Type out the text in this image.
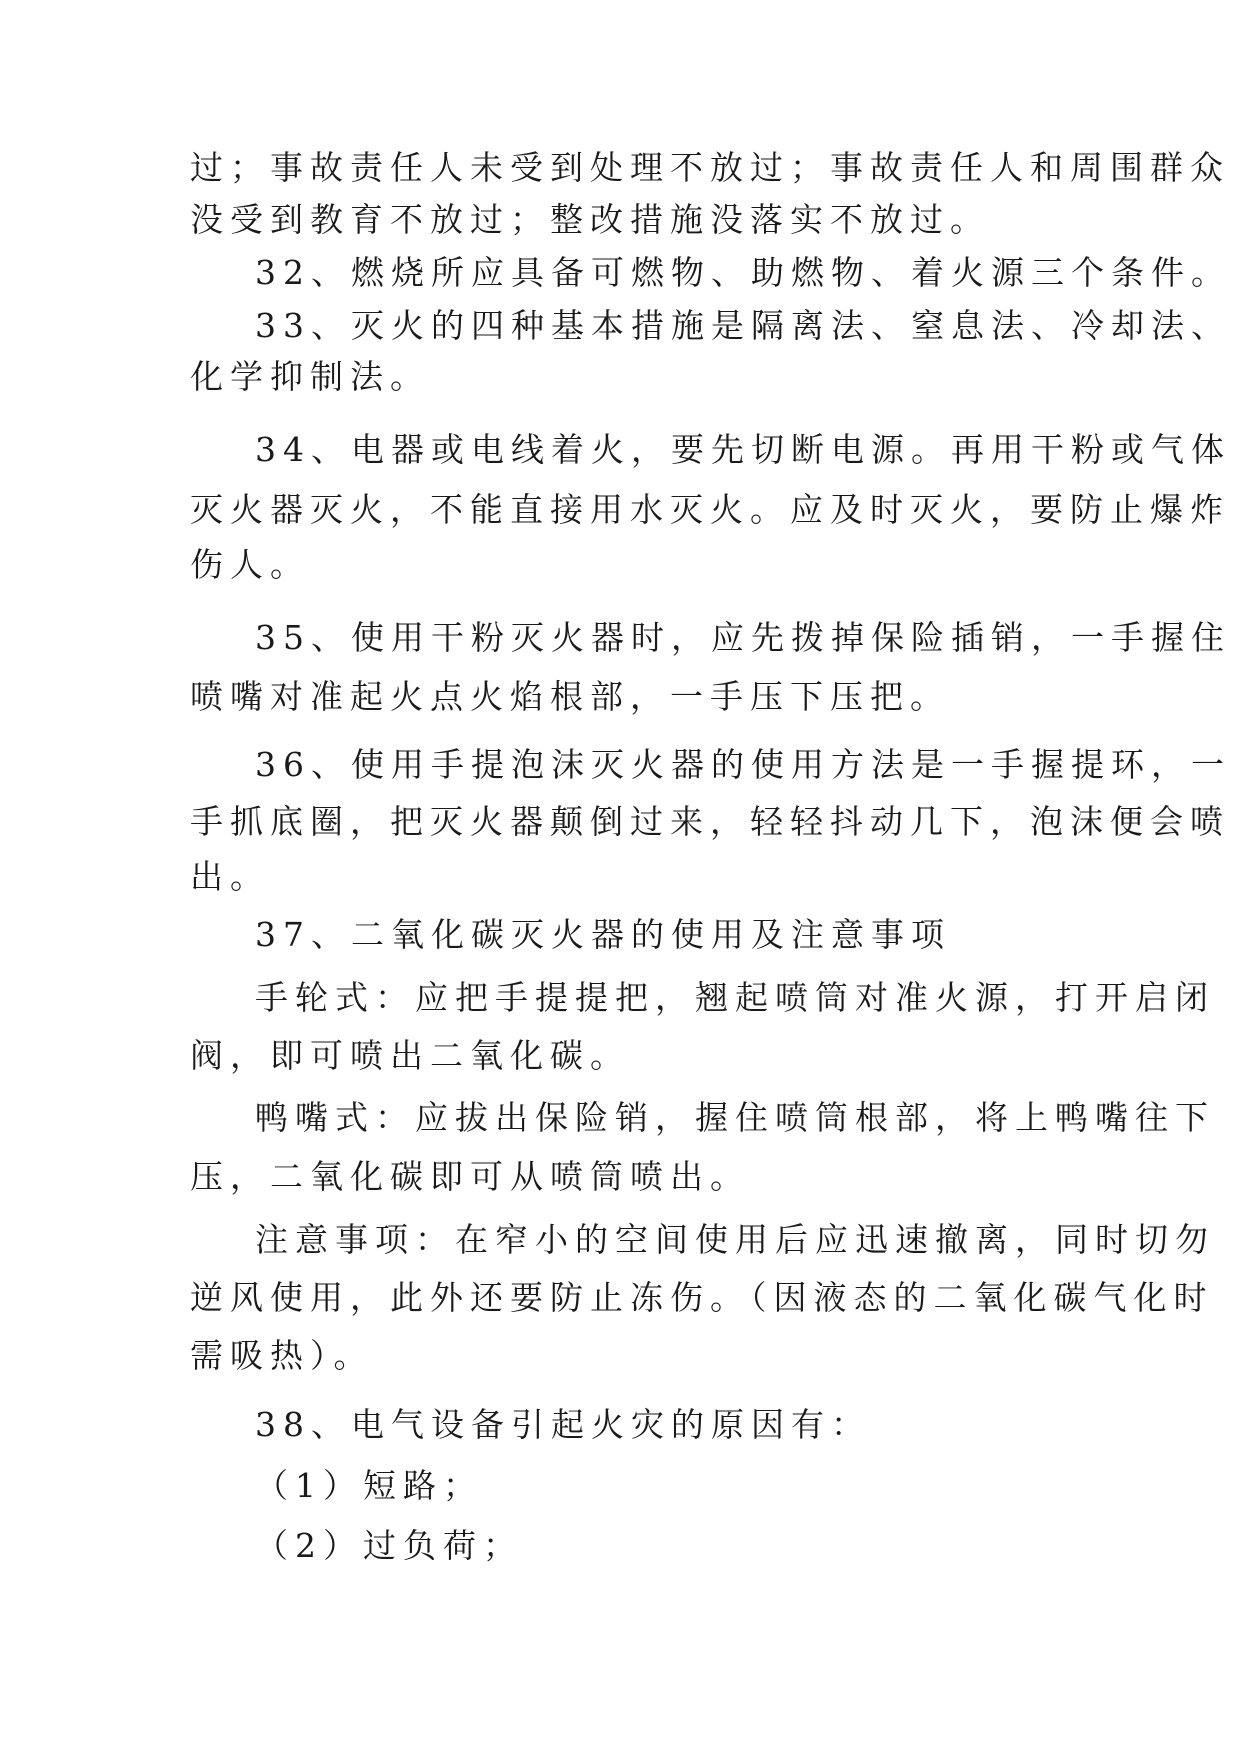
过；事故责任人未受到处理不放过；事故责任人和周围群众
没受到教育不放过；整改措施没落实不放过。
32、燃烧所应具备可燃物、助燃物、着火源三个条件。
33、灭火的四种基本措施是隔离法、窒息法、冷却法、
化学抑制法。
34、电器或电线着火，要先切断电源。再用干粉或气体
灭火器灭火，不能直接用水灭火。应及时灭火，要防止爆炸
伤人。
35、使用干粉灭火器时，应先拨掉保险插销，一手握住
喷嘴对准起火点火焰根部，一手压下压把。
36、使用手提泡沫灭火器的使用方法是一手握提环，一
手抓底圈，把灭火器颠倒过来，轻轻抖动几下，泡沫便会喷
出。
37、二氧化碳灭火器的使用及注意事项
手轮式：应把手提提把，翘起喷筒对准火源，打开启闭
阀，即可喷出二氧化碳。
鸭嘴式：应拔出保险销，握住喷筒根部，将上鸭嘴往下
压，二氧化碳即可从喷筒喷出。
注意事项：在窄小的空间使用后应迅速撤离，同时切勿
逆风使用，此外还要防止冻伤。（因液态的二氧化碳气化时
需吸热）。
38、电气设备引起火灾的原因有：
（1）短路；
（2）过负荷；
